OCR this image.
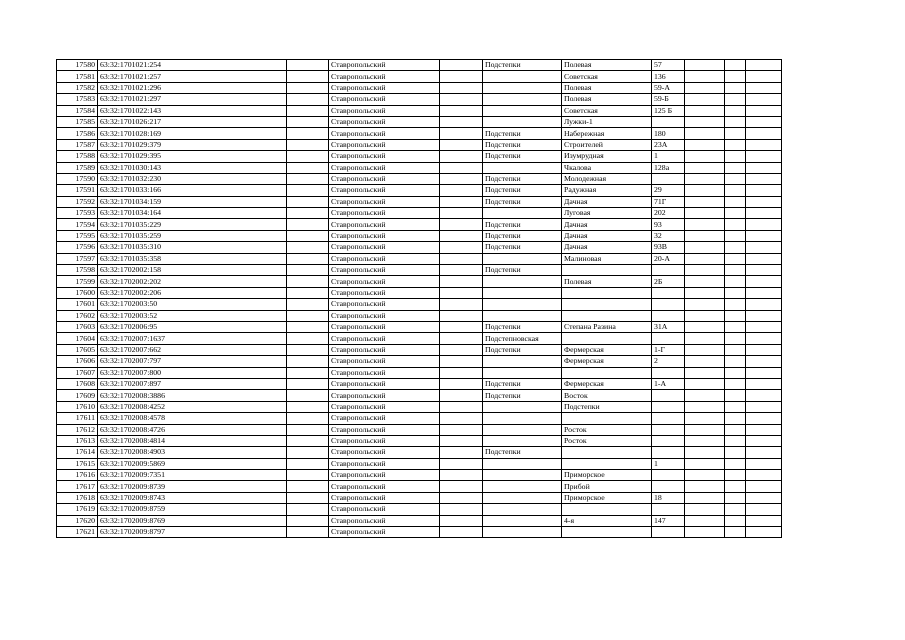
17580	63:32:1701021:254		Ставропольский		Подстепки	Полевая	57			
17581	63:32:1701021:257		Ставропольский			Советская	136			
17582	63:32:1701021:296		Ставропольский			Полевая	59-А			
17583	63:32:1701021:297		Ставропольский			Полевая	59-Б			
17584	63:32:1701022:143		Ставропольский			Советская	125 Б			
17585	63:32:1701026:217		Ставропольский			Лужки-1				
17586	63:32:1701028:169		Ставропольский		Подстепки	Набережная	180			
17587	63:32:1701029:379		Ставропольский		Подстепки	Строителей	23А			
17588	63:32:1701029:395		Ставропольский		Подстепки	Изумрудная	1			
17589	63:32:1701030:143		Ставропольский			Чкалова	128а			
17590	63:32:1701032:230		Ставропольский		Подстепки	Молодежная				
17591	63:32:1701033:166		Ставропольский		Подстепки	Радужная	29			
17592	63:32:1701034:159		Ставропольский		Подстепки	Дачная	71Г			
17593	63:32:1701034:164		Ставропольский			Луговая	202			
17594	63:32:1701035:229		Ставропольский		Подстепки	Дачная	93			
17595	63:32:1701035:259		Ставропольский		Подстепки	Дачная	32			
17596	63:32:1701035:310		Ставропольский		Подстепки	Дачная	93В			
17597	63:32:1701035:358		Ставропольский			Малиновая	20-А			
17598	63:32:1702002:158		Ставропольский		Подстепки					
17599	63:32:1702002:202		Ставропольский			Полевая	2Б			
17600	63:32:1702002:206		Ставропольский							
17601	63:32:1702003:50		Ставропольский							
17602	63:32:1702003:52		Ставропольский							
17603	63:32:1702006:95		Ставропольский		Подстепки	Степана Разина	31А			
17604	63:32:1702007:1637		Ставропольский		Подстепновская					
17605	63:32:1702007:662		Ставропольский		Подстепки	Фермерская	1-Г			
17606	63:32:1702007:797		Ставропольский			Фермерская	2			
17607	63:32:1702007:800		Ставропольский							
17608	63:32:1702007:897		Ставропольский		Подстепки	Фермерская	1-А			
17609	63:32:1702008:3886		Ставропольский		Подстепки	Восток				
17610	63:32:1702008:4252		Ставропольский			Подстепки				
17611	63:32:1702008:4578		Ставропольский							
17612	63:32:1702008:4726		Ставропольский			Росток				
17613	63:32:1702008:4814		Ставропольский			Росток				
17614	63:32:1702008:4903		Ставропольский		Подстепки					
17615	63:32:1702009:5869		Ставропольский				1			
17616	63:32:1702009:7351		Ставропольский			Приморское				
17617	63:32:1702009:8739		Ставропольский			Прибой				
17618	63:32:1702009:8743		Ставропольский			Приморское	18			
17619	63:32:1702009:8759		Ставропольский							
17620	63:32:1702009:8769		Ставропольский			4-я	147			
17621	63:32:1702009:8797		Ставропольский							
